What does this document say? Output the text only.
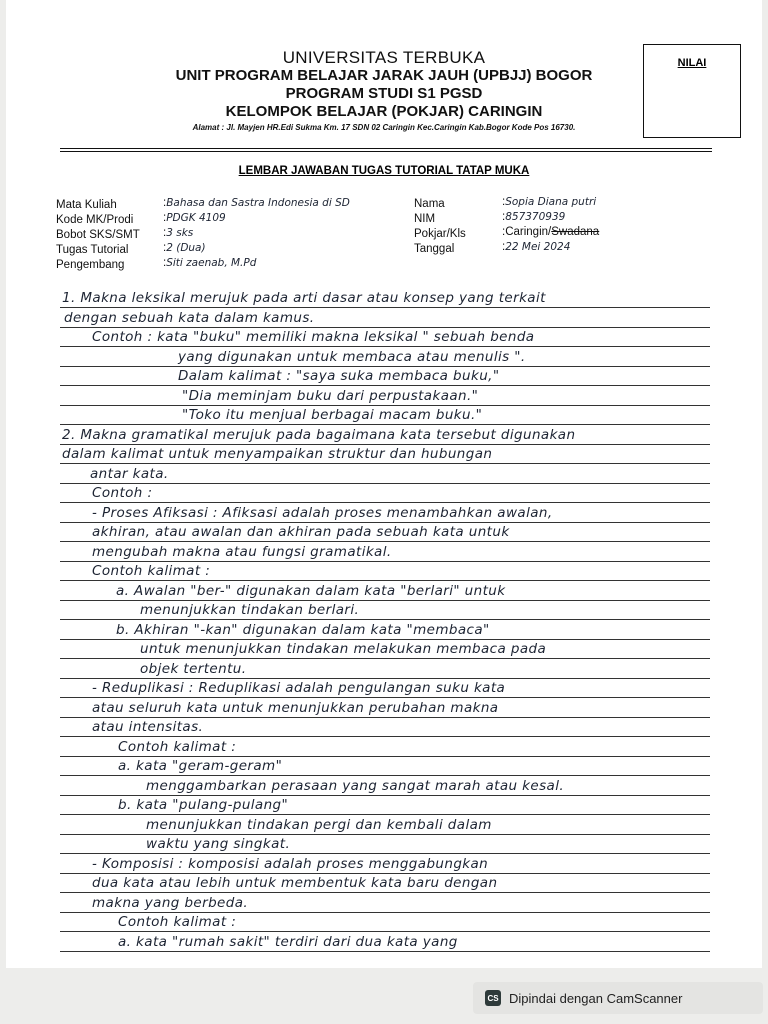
UNIVERSITAS TERBUKA
UNIT PROGRAM BELAJAR JARAK JAUH (UPBJJ) BOGOR
PROGRAM STUDI S1 PGSD
KELOMPOK BELAJAR (POKJAR) CARINGIN
Alamat : Jl. Mayjen HR.Edi Sukma Km. 17 SDN 02 Caringin Kec.Caringin Kab.Bogor Kode Pos 16730.
NILAI
LEMBAR JAWABAN TUGAS TUTORIAL TATAP MUKA
Mata Kuliah
Kode MK/Prodi
Bobot SKS/SMT
Tugas Tutorial
Pengembang
:Bahasa dan Sastra Indonesia di SD
:PDGK 4109
:3 sks
:2 (Dua)
:Siti zaenab, M.Pd
Nama
NIM
Pokjar/Kls
Tanggal
:Sopia Diana putri
:857370939
:Caringin/Swadana
:22 Mei 2024
1. Makna leksikal merujuk pada arti dasar atau konsep yang terkait
dengan sebuah kata dalam kamus.
Contoh : kata "buku" memiliki makna leksikal " sebuah benda
yang digunakan untuk membaca atau menulis ".
Dalam kalimat : "saya suka membaca buku,"
"Dia meminjam buku dari perpustakaan."
"Toko itu menjual berbagai macam buku."
2. Makna gramatikal merujuk pada bagaimana kata tersebut digunakan
dalam kalimat untuk menyampaikan struktur dan hubungan
antar kata.
Contoh :
- Proses Afiksasi : Afiksasi adalah proses menambahkan awalan,
akhiran, atau awalan dan akhiran pada sebuah kata untuk
mengubah makna atau fungsi gramatikal.
Contoh kalimat :
a. Awalan "ber-" digunakan dalam kata "berlari" untuk
menunjukkan tindakan berlari.
b. Akhiran "-kan" digunakan dalam kata "membaca"
untuk menunjukkan tindakan melakukan membaca pada
objek tertentu.
- Reduplikasi : Reduplikasi adalah pengulangan suku kata
atau seluruh kata untuk menunjukkan perubahan makna
atau intensitas.
Contoh kalimat :
a. kata "geram-geram"
menggambarkan perasaan yang sangat marah atau kesal.
b. kata "pulang-pulang"
menunjukkan tindakan pergi dan kembali dalam
waktu yang singkat.
- Komposisi : komposisi adalah proses menggabungkan
dua kata atau lebih untuk membentuk kata baru dengan
makna yang berbeda.
Contoh kalimat :
a. kata "rumah sakit" terdiri dari dua kata yang
CS Dipindai dengan CamScanner
